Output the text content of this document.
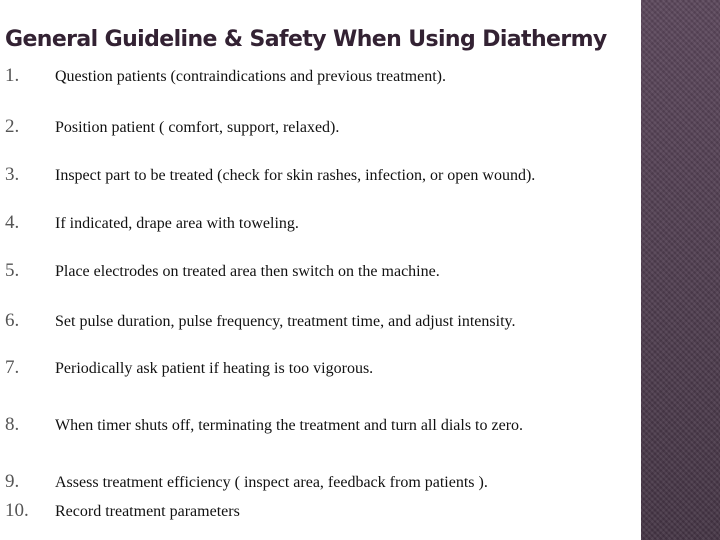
General Guideline & Safety When Using Diathermy
1. Question patients (contraindications and previous treatment).
2. Position patient ( comfort, support, relaxed).
3. Inspect part to be treated (check for skin rashes, infection, or open wound).
4. If indicated, drape area with toweling.
5. Place electrodes on treated area then switch on the machine.
6. Set pulse duration, pulse frequency, treatment time, and adjust intensity.
7. Periodically ask patient if heating is too vigorous.
8. When timer shuts off, terminating the treatment and turn all dials to zero.
9. Assess treatment efficiency ( inspect area, feedback from patients ).
10. Record treatment parameters
